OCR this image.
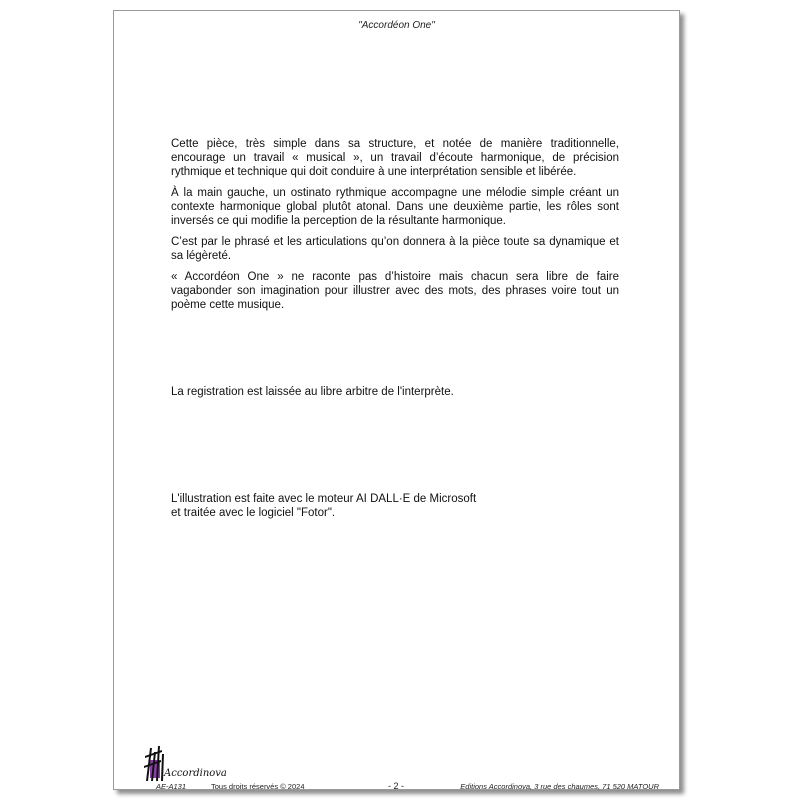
"Accordéon One"

Cette pièce, très simple dans sa structure, et notée de manière traditionnelle, encourage un travail « musical », un travail d’écoute harmonique, de précision rythmique et technique qui doit conduire à une interprétation sensible et libérée.

À la main gauche, un ostinato rythmique accompagne une mélodie simple créant un contexte harmonique global plutôt atonal. Dans une deuxième partie, les rôles sont inversés ce qui modifie la perception de la résultante harmonique.

C’est par le phrasé et les articulations qu’on donnera à la pièce toute sa dynamique et sa légèreté.

« Accordéon One » ne raconte pas d’histoire mais chacun sera libre de faire vagabonder son imagination pour illustrer avec des mots, des phrases voire tout un poème cette musique.

La registration est laissée au libre arbitre de l'interprète.

L'illustration est faite avec le moteur AI DALL·E de Microsoft

et traitée avec le logiciel "Fotor".

Accordinova
AE-A131	Tous droits réservés © 2024	- 2 -	Editions Accordinova, 3 rue des chaumes, 71 520 MATOUR
